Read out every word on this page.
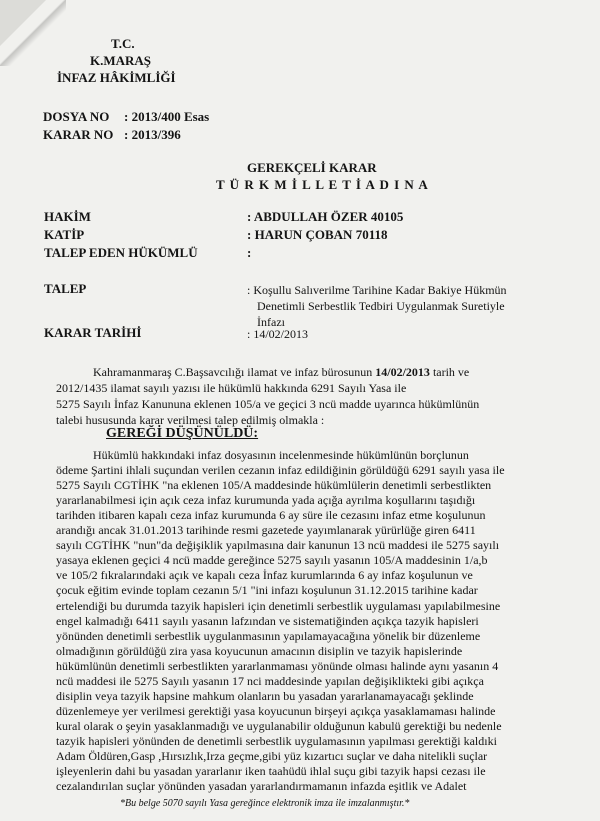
T.C.
K.MARAŞ
İNFAZ HÂKİMLİĞİ
DOSYA NO : 2013/400 Esas
KARAR NO : 2013/396
GEREKÇELİ KARAR
T Ü R K M İ L L E T İ A D I N A
HAKİM	: ABDULLAH ÖZER 40105
KATİP	: HARUN ÇOBAN 70118
TALEP EDEN HÜKÜMLÜ	:
TALEP	: Koşullu Salıverilme Tarihine Kadar Bakiye Hükmün
Denetimli Serbestlik Tedbiri Uygulanmak Suretiyle
İnfazı
KARAR TARİHİ	: 14/02/2013
Kahramanmaraş C.Başsavcılığı ilamat ve infaz bürosunun 14/02/2013 tarih ve
2012/1435 ilamat sayılı yazısı ile hükümlü hakkında 6291 Sayılı Yasa ile
5275 Sayılı İnfaz Kanununa eklenen 105/a ve geçici 3 ncü madde uyarınca hükümlünün
talebi hususunda karar verilmesi talep edilmiş olmakla :
GEREĞİ DÜŞÜNÜLDÜ:
Hükümlü hakkındaki infaz dosyasının incelenmesinde hükümlünün borçlunun
ödeme Şartini ihlali suçundan verilen cezanın infaz edildiğinin görüldüğü 6291 sayılı yasa ile
5275 Sayılı CGTİHK "na eklenen 105/A maddesinde hükümlülerin denetimli serbestlikten
yararlanabilmesi için açık ceza infaz kurumunda yada açığa ayrılma koşullarını taşıdığı
tarihden itibaren kapalı ceza infaz kurumunda 6 ay süre ile cezasını infaz etme koşulunun
arandığı ancak 31.01.2013 tarihinde resmi gazetede yayımlanarak yürürlüğe giren 6411
sayılı CGTİHK "nun"da değişiklik yapılmasına dair kanunun 13 ncü maddesi ile 5275 sayılı
yasaya eklenen geçici 4 ncü madde gereğince 5275 sayılı yasanın 105/A maddesinin 1/a,b
ve 105/2 fıkralarındaki açık ve kapalı ceza İnfaz kurumlarında 6 ay infaz koşulunun ve
çocuk eğitim evinde toplam cezanın 5/1 "ini infazı koşulunun 31.12.2015 tarihine kadar
ertelendiği bu durumda tazyik hapisleri için denetimli serbestlik uygulaması yapılabilmesine
engel kalmadığı 6411 sayılı yasanın lafzından ve sistematiğinden açıkça tazyik hapisleri
yönünden denetimli serbestlik uygulanmasının yapılamayacağına yönelik bir düzenleme
olmadığının görüldüğü zira yasa koyucunun amacının disiplin ve tazyik hapislerinde
hükümlünün denetimli serbestlikten yararlanmaması yönünde olması halinde aynı yasanın 4
ncü maddesi ile 5275 Sayılı yasanın 17 nci maddesinde yapılan değişiklikteki gibi açıkça
disiplin veya tazyik hapsine mahkum olanların bu yasadan yararlanamayacağı şeklinde
düzenlemeye yer verilmesi gerektiği yasa koyucunun birşeyi açıkça yasaklamaması halinde
kural olarak o şeyin yasaklanmadığı ve uygulanabilir olduğunun kabulü gerektiği bu nedenle
tazyik hapisleri yönünden de denetimli serbestlik uygulamasının yapılması gerektiği kaldıki
Adam Öldüren,Gasp ,Hırsızlık,Irza geçme,gibi yüz kızartıcı suçlar ve daha nitelikli suçlar
işleyenlerin dahi bu yasadan yararlanır iken taahüdü ihlal suçu gibi tazyik hapsi cezası ile
cezalandırılan suçlar yönünden yasadan yararlandırmamanın infazda eşitlik ve Adalet
*Bu belge 5070 sayılı Yasa gereğince elektronik imza ile imzalanmıştır.*
